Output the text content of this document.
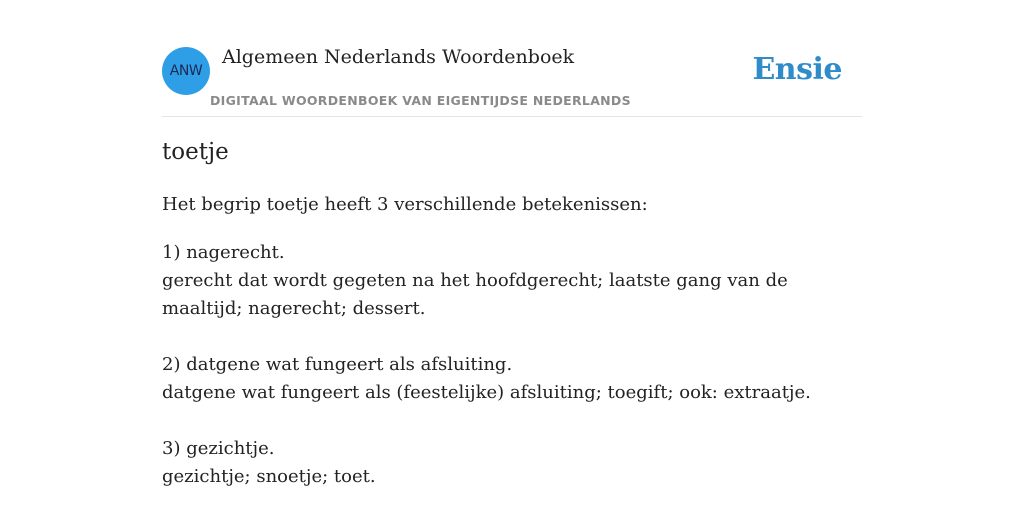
ANW
Algemeen Nederlands Woordenboek
DIGITAAL WOORDENBOEK VAN EIGENTIJDSE NEDERLANDS
Ensie
toetje
Het begrip toetje heeft 3 verschillende betekenissen:
1) nagerecht.
gerecht dat wordt gegeten na het hoofdgerecht; laatste gang van de maaltijd; nagerecht; dessert.
2) datgene wat fungeert als afsluiting.
datgene wat fungeert als (feestelijke) afsluiting; toegift; ook: extraatje.
3) gezichtje.
gezichtje; snoetje; toet.
